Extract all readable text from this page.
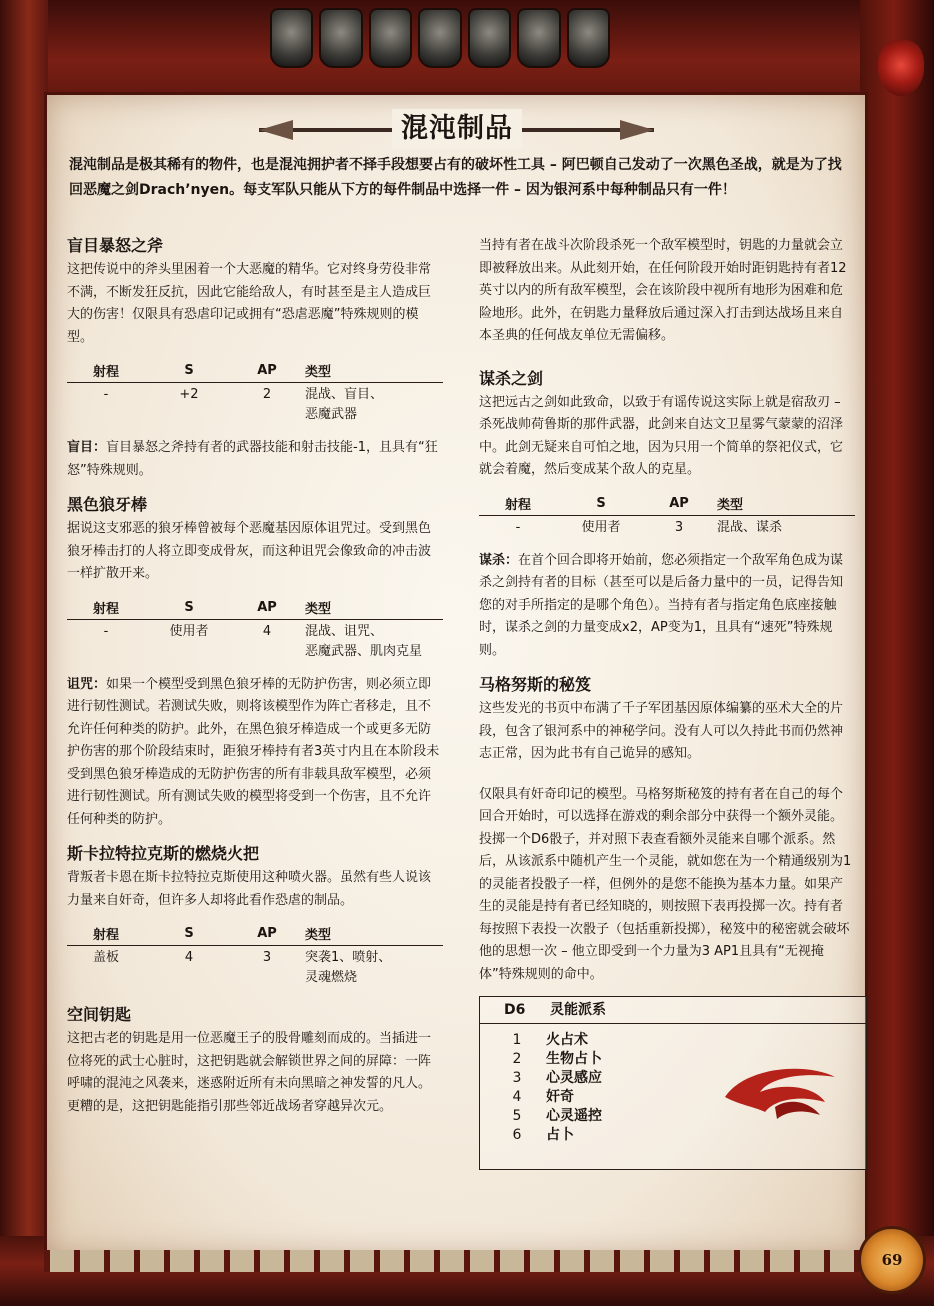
混沌制品
混沌制品是极其稀有的物件，也是混沌拥护者不择手段想要占有的破坏性工具 – 阿巴顿自己发动了一次黑色圣战，就是为了找回恶魔之剑Drach’nyen。每支军队只能从下方的每件制品中选择一件 – 因为银河系中每种制品只有一件！
盲目暴怒之斧

这把传说中的斧头里困着一个大恶魔的精华。它对终身劳役非常不满，不断发狂反抗，因此它能给敌人，有时甚至是主人造成巨大的伤害！仅限具有恐虐印记或拥有“恐虐恶魔”特殊规则的模型。

射程	S	AP	类型
-	+2	2	混战、盲目、
恶魔武器

盲目：盲目暴怒之斧持有者的武器技能和射击技能-1，且具有“狂怒”特殊规则。

黑色狼牙棒

据说这支邪恶的狼牙棒曾被每个恶魔基因原体诅咒过。受到黑色狼牙棒击打的人将立即变成骨灰，而这种诅咒会像致命的冲击波一样扩散开来。

射程	S	AP	类型
-	使用者	4	混战、诅咒、
恶魔武器、肌肉克星

诅咒：如果一个模型受到黑色狼牙棒的无防护伤害，则必须立即进行韧性测试。若测试失败，则将该模型作为阵亡者移走，且不允许任何种类的防护。此外，在黑色狼牙棒造成一个或更多无防护伤害的那个阶段结束时，距狼牙棒持有者3英寸内且在本阶段未受到黑色狼牙棒造成的无防护伤害的所有非载具敌军模型，必须进行韧性测试。所有测试失败的模型将受到一个伤害，且不允许任何种类的防护。

斯卡拉特拉克斯的燃烧火把

背叛者卡恩在斯卡拉特拉克斯使用这种喷火器。虽然有些人说该力量来自奸奇，但许多人却将此看作恐虐的制品。

射程	S	AP	类型
盖板	4	3	突袭1、喷射、
灵魂燃烧
空间钥匙

这把古老的钥匙是用一位恶魔王子的股骨雕刻而成的。当插进一位将死的武士心脏时，这把钥匙就会解锁世界之间的屏障：一阵呼啸的混沌之风袭来，迷惑附近所有未向黑暗之神发誓的凡人。更糟的是，这把钥匙能指引那些邻近战场者穿越异次元。

当持有者在战斗次阶段杀死一个敌军模型时，钥匙的力量就会立即被释放出来。从此刻开始，在任何阶段开始时距钥匙持有者12英寸以内的所有敌军模型，会在该阶段中视所有地形为困难和危险地形。此外，在钥匙力量释放后通过深入打击到达战场且来自本圣典的任何战友单位无需偏移。

谋杀之剑

这把远古之剑如此致命，以致于有谣传说这实际上就是宿敌刃 – 杀死战帅荷鲁斯的那件武器，此剑来自达文卫星雾气蒙蒙的沼泽中。此剑无疑来自可怕之地，因为只用一个简单的祭祀仪式，它就会着魔，然后变成某个敌人的克星。

射程	S	AP	类型
-	使用者	3	混战、谋杀

谋杀：在首个回合即将开始前，您必须指定一个敌军角色成为谋杀之剑持有者的目标（甚至可以是后备力量中的一员，记得告知您的对手所指定的是哪个角色）。当持有者与指定角色底座接触时，谋杀之剑的力量变成x2，AP变为1，且具有“速死”特殊规则。

马格努斯的秘笈

这些发光的书页中布满了千子军团基因原体编纂的巫术大全的片段，包含了银河系中的神秘学问。没有人可以久持此书而仍然神志正常，因为此书有自己诡异的感知。

仅限具有奸奇印记的模型。马格努斯秘笈的持有者在自己的每个回合开始时，可以选择在游戏的剩余部分中获得一个额外灵能。投掷一个D6骰子，并对照下表查看额外灵能来自哪个派系。然后，从该派系中随机产生一个灵能，就如您在为一个精通级别为1的灵能者投骰子一样，但例外的是您不能换为基本力量。如果产生的灵能是持有者已经知晓的，则按照下表再投掷一次。持有者每按照下表投一次骰子（包括重新投掷），秘笈中的秘密就会破坏他的思想一次 – 他立即受到一个力量为3 AP1且具有“无视掩体”特殊规则的命中。

D6 灵能派系
1 火占术
2 生物占卜
3 心灵感应
4 奸奇
5 心灵遥控
6 占卜
69
